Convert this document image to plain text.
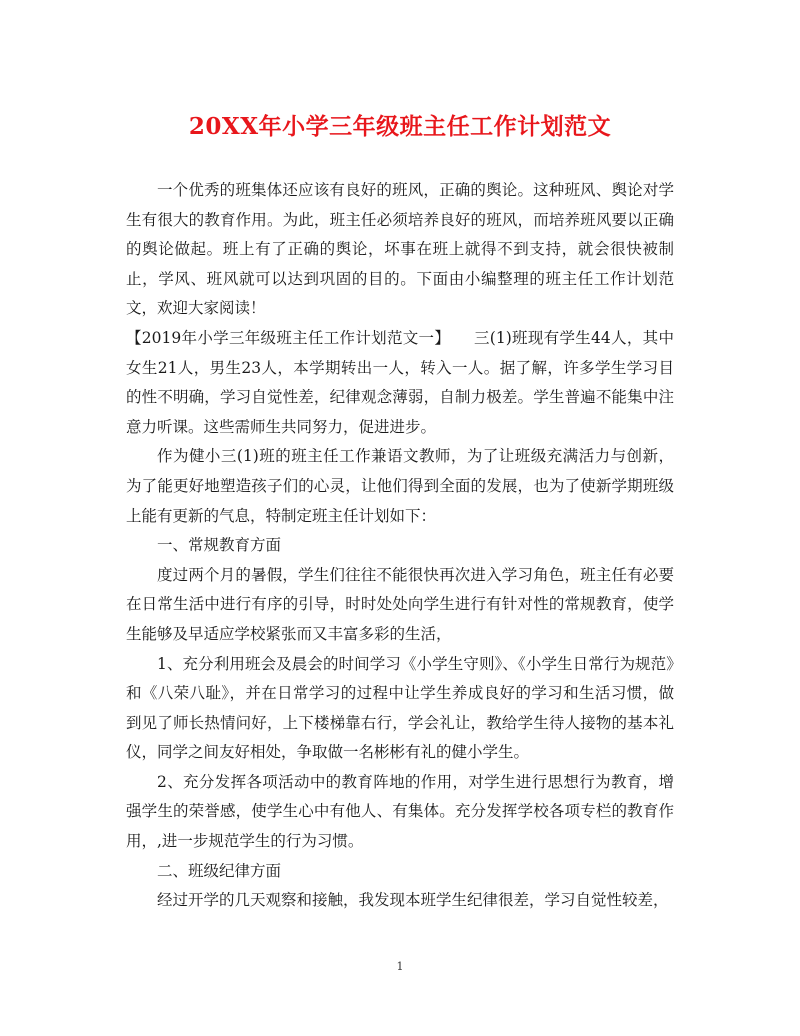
20XX年小学三年级班主任工作计划范文

一个优秀的班集体还应该有良好的班风，正确的舆论。这种班风、舆论对学生有很大的教育作用。为此，班主任必须培养良好的班风，而培养班风要以正确的舆论做起。班上有了正确的舆论，坏事在班上就得不到支持，就会很快被制止，学风、班风就可以达到巩固的目的。下面由小编整理的班主任工作计划范文，欢迎大家阅读！

【2019年小学三年级班主任工作计划范文一】　　三(1)班现有学生44人，其中女生21人，男生23人，本学期转出一人，转入一人。据了解，许多学生学习目的性不明确，学习自觉性差，纪律观念薄弱，自制力极差。学生普遍不能集中注意力听课。这些需师生共同努力，促进进步。

作为健小三(1)班的班主任工作兼语文教师，为了让班级充满活力与创新，为了能更好地塑造孩子们的心灵，让他们得到全面的发展，也为了使新学期班级上能有更新的气息，特制定班主任计划如下：

一、常规教育方面

度过两个月的暑假，学生们往往不能很快再次进入学习角色，班主任有必要在日常生活中进行有序的引导，时时处处向学生进行有针对性的常规教育，使学生能够及早适应学校紧张而又丰富多彩的生活，

1、充分利用班会及晨会的时间学习《小学生守则》、《小学生日常行为规范》和《八荣八耻》，并在日常学习的过程中让学生养成良好的学习和生活习惯，做到见了师长热情问好，上下楼梯靠右行，学会礼让，教给学生待人接物的基本礼仪，同学之间友好相处，争取做一名彬彬有礼的健小学生。

2、充分发挥各项活动中的教育阵地的作用，对学生进行思想行为教育，增强学生的荣誉感，使学生心中有他人、有集体。充分发挥学校各项专栏的教育作用，,进一步规范学生的行为习惯。

二、班级纪律方面

经过开学的几天观察和接触，我发现本班学生纪律很差，学习自觉性较差，

1
